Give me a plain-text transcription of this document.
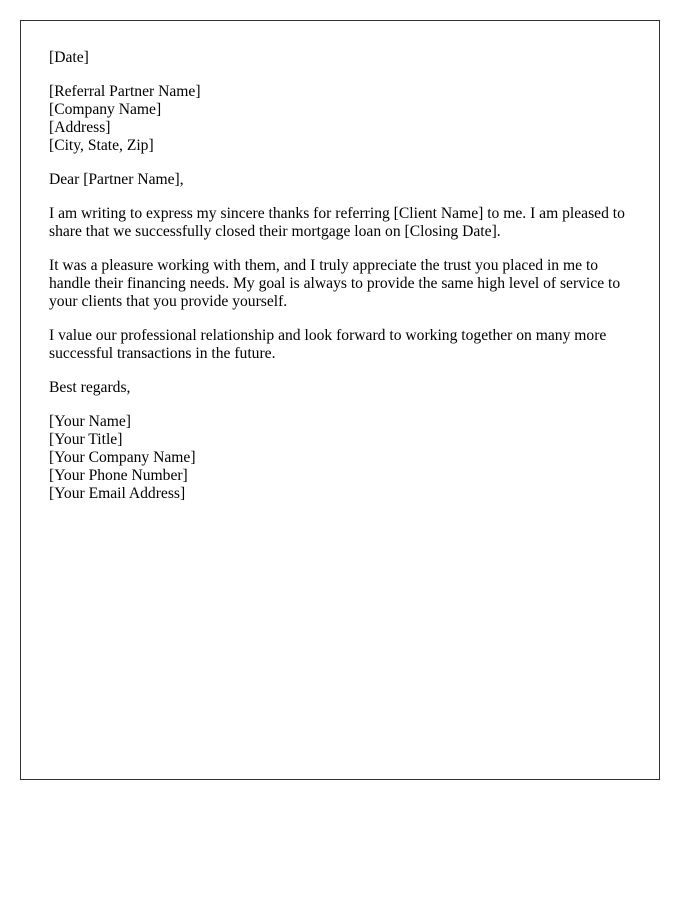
[Date]
[Referral Partner Name]
[Company Name]
[Address]
[City, State, Zip]
Dear [Partner Name],

I am writing to express my sincere thanks for referring [Client Name] to me. I am pleased to share that we successfully closed their mortgage loan on [Closing Date].

It was a pleasure working with them, and I truly appreciate the trust you placed in me to handle their financing needs. My goal is always to provide the same high level of service to your clients that you provide yourself.

I value our professional relationship and look forward to working together on many more successful transactions in the future.

Best regards,
[Your Name]
[Your Title]
[Your Company Name]
[Your Phone Number]
[Your Email Address]
